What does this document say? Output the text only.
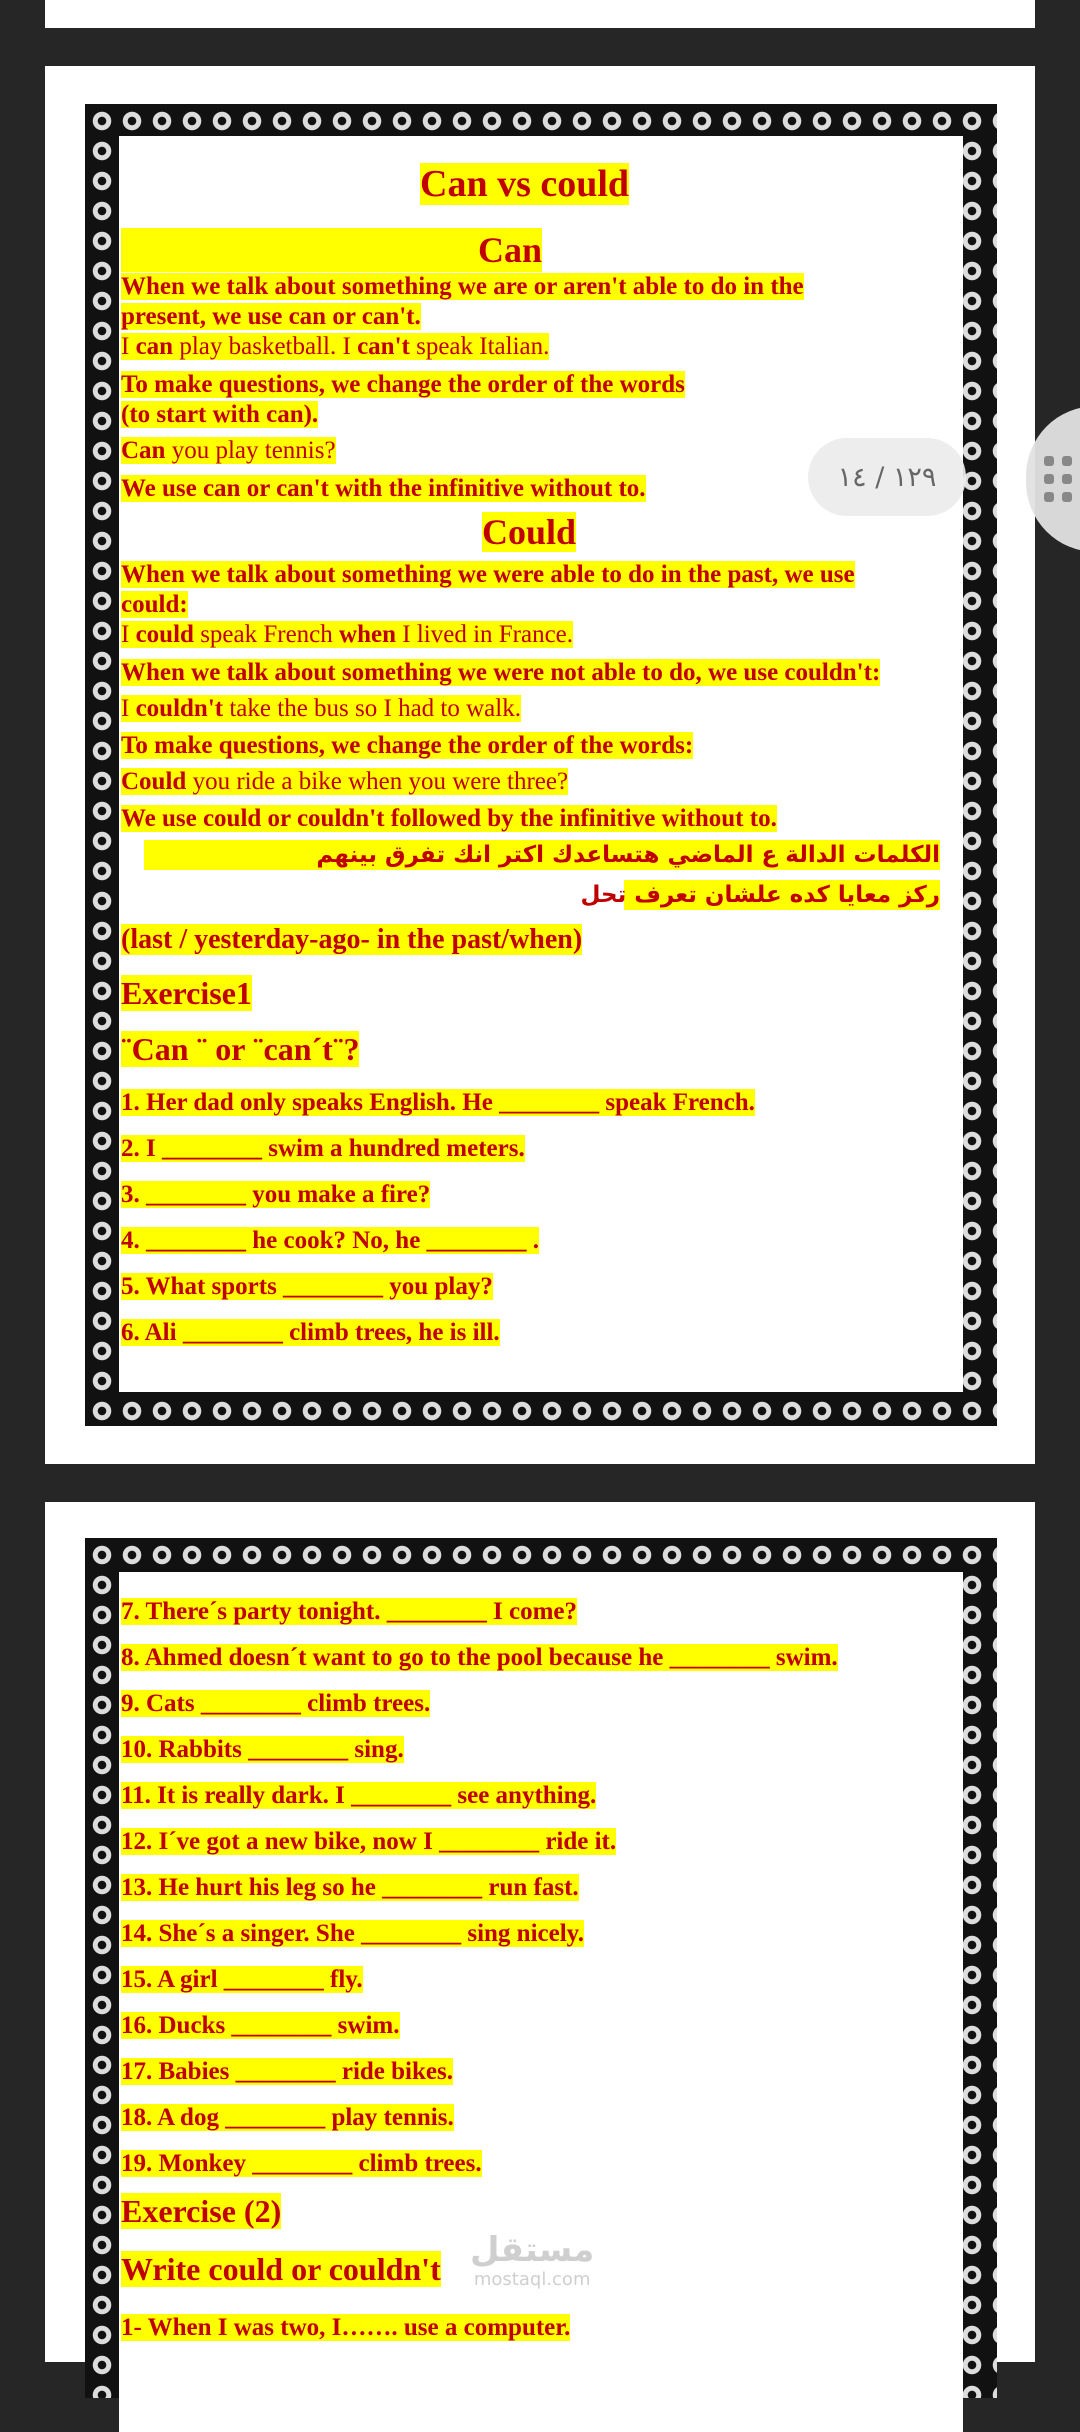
Can vs could
Can
When we talk about something we are or aren't able to do in the
present, we use can or can't.
I can play basketball. I can't speak Italian.
To make questions, we change the order of the words
(to start with can).
Can you play tennis?
We use can or can't with the infinitive without to.
Could
When we talk about something we were able to do in the past, we use
could:
I could speak French when I lived in France.
When we talk about something we were not able to do, we use couldn't:
I couldn't take the bus so I had to walk.
To make questions, we change the order of the words:
Could you ride a bike when you were three?
We use could or couldn't followed by the infinitive without to.
الكلمات الدالة ع الماضي هتساعدك اكتر انك تفرق بينهم
ركز معايا كده علشان تعرف تحل
(last / yesterday-ago- in the past/when)
Exercise1
¨Can ¨ or ¨can´t¨?
1. Her dad only speaks English. He ________ speak French.
2. I ________ swim a hundred meters.
3. ________ you make a fire?
4. ________ he cook? No, he ________ .
5. What sports ________ you play?
6. Ali ________ climb trees, he is ill.
7. There´s party tonight. ________ I come?
8. Ahmed doesn´t want to go to the pool because he ________ swim.
9. Cats ________ climb trees.
10. Rabbits ________ sing.
11. It is really dark. I ________ see anything.
12. I´ve got a new bike, now I ________ ride it.
13. He hurt his leg so he ________ run fast.
14. She´s a singer. She ________ sing nicely.
15. A girl ________ fly.
16. Ducks ________ swim.
17. Babies ________ ride bikes.
18. A dog ________ play tennis.
19. Monkey ________ climb trees.
Exercise (2)
Write could or couldn't
1- When I was two, I……. use a computer.
١٢٩ / ١٤
مستقل
mostaql.com
